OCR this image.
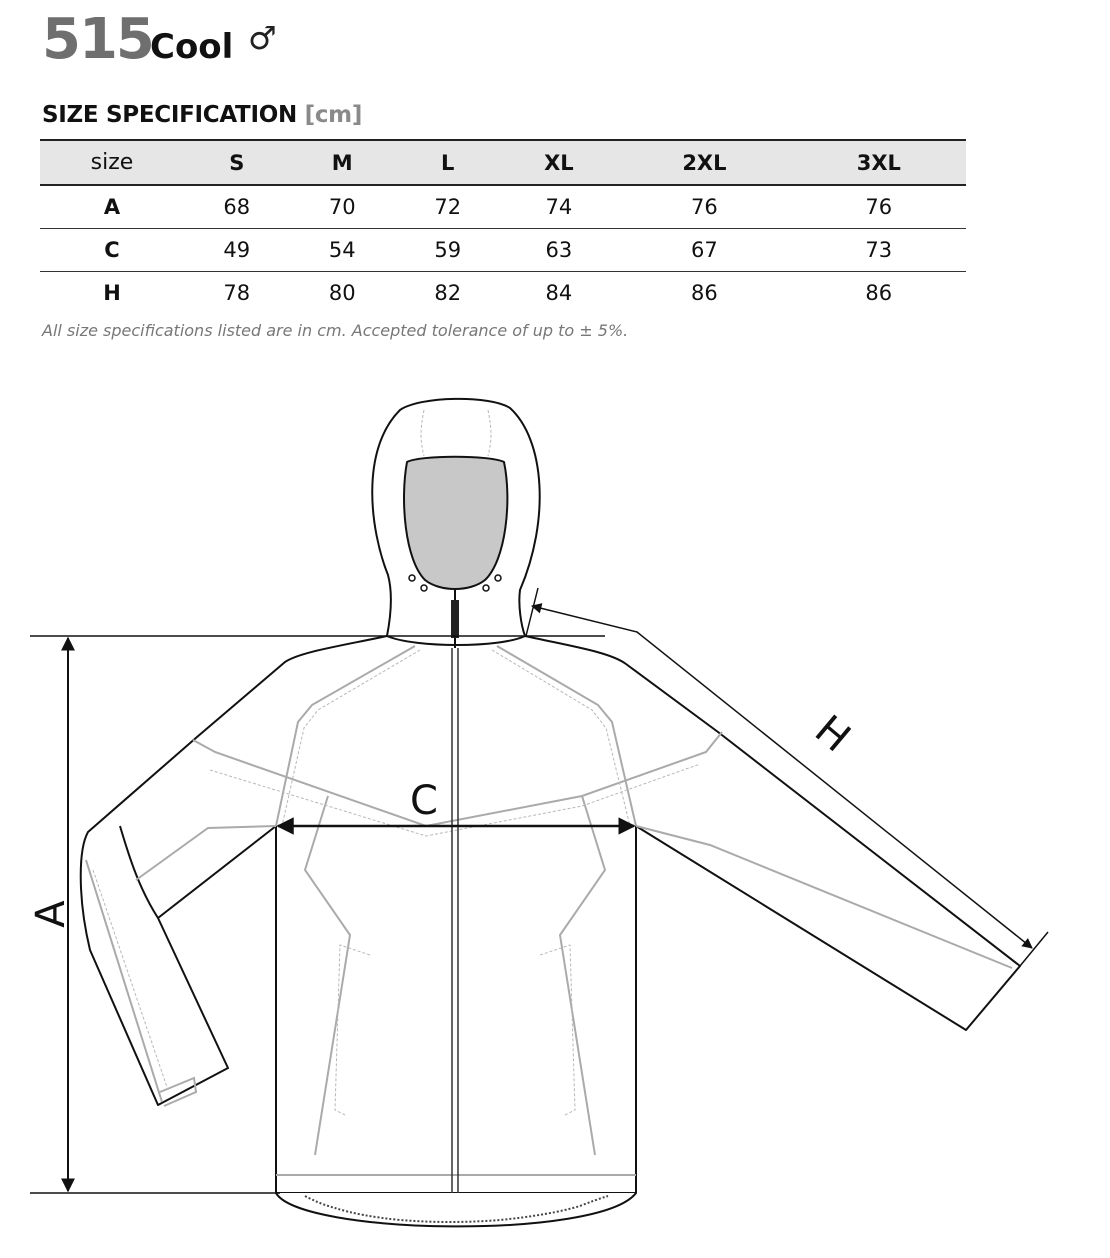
515
Cool ♂
SIZE SPECIFICATION [cm]
size	S	M	L	XL	2XL	3XL
A	68	70	72	74	76	76
C	49	54	59	63	67	73
H	78	80	82	84	86	86
All size specifications listed are in cm. Accepted tolerance of up to ± 5%.
A
C
H
